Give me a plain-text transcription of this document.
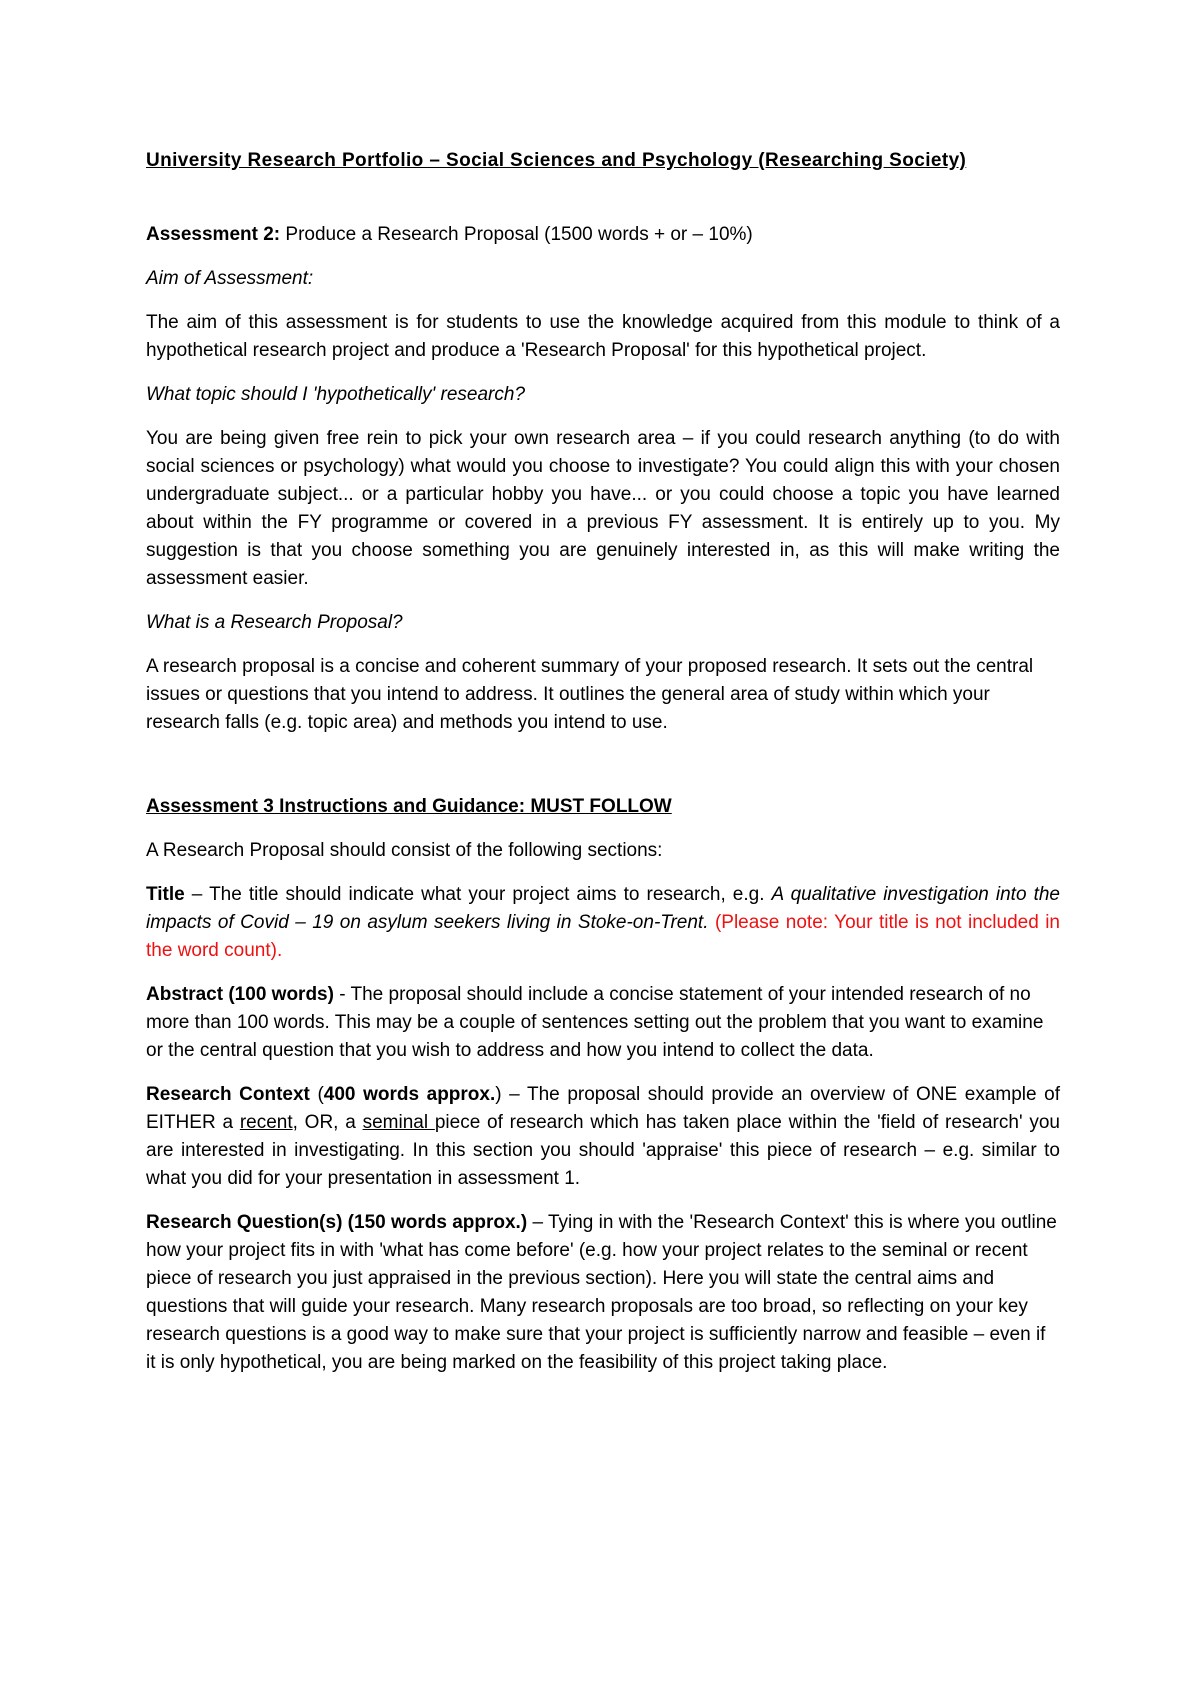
University Research Portfolio – Social Sciences and Psychology (Researching Society)

Assessment 2: Produce a Research Proposal (1500 words + or – 10%)

Aim of Assessment:

The aim of this assessment is for students to use the knowledge acquired from this module to think of a hypothetical research project and produce a 'Research Proposal' for this hypothetical project.

What topic should I 'hypothetically' research?

You are being given free rein to pick your own research area – if you could research anything (to do with social sciences or psychology) what would you choose to investigate? You could align this with your chosen undergraduate subject... or a particular hobby you have... or you could choose a topic you have learned about within the FY programme or covered in a previous FY assessment. It is entirely up to you. My suggestion is that you choose something you are genuinely interested in, as this will make writing the assessment easier.

What is a Research Proposal?

A research proposal is a concise and coherent summary of your proposed research. It sets out the central issues or questions that you intend to address. It outlines the general area of study within which your research falls (e.g. topic area) and methods you intend to use.

Assessment 3 Instructions and Guidance: MUST FOLLOW

A Research Proposal should consist of the following sections:

Title – The title should indicate what your project aims to research, e.g. A qualitative investigation into the impacts of Covid – 19 on asylum seekers living in Stoke-on-Trent. (Please note: Your title is not included in the word count).

Abstract (100 words) - The proposal should include a concise statement of your intended research of no more than 100 words. This may be a couple of sentences setting out the problem that you want to examine or the central question that you wish to address and how you intend to collect the data.

Research Context (400 words approx.) – The proposal should provide an overview of ONE example of EITHER a recent, OR, a seminal piece of research which has taken place within the 'field of research' you are interested in investigating. In this section you should 'appraise' this piece of research – e.g. similar to what you did for your presentation in assessment 1.

Research Question(s) (150 words approx.) – Tying in with the 'Research Context' this is where you outline how your project fits in with 'what has come before' (e.g. how your project relates to the seminal or recent piece of research you just appraised in the previous section). Here you will state the central aims and questions that will guide your research. Many research proposals are too broad, so reflecting on your key research questions is a good way to make sure that your project is sufficiently narrow and feasible – even if it is only hypothetical, you are being marked on the feasibility of this project taking place.
